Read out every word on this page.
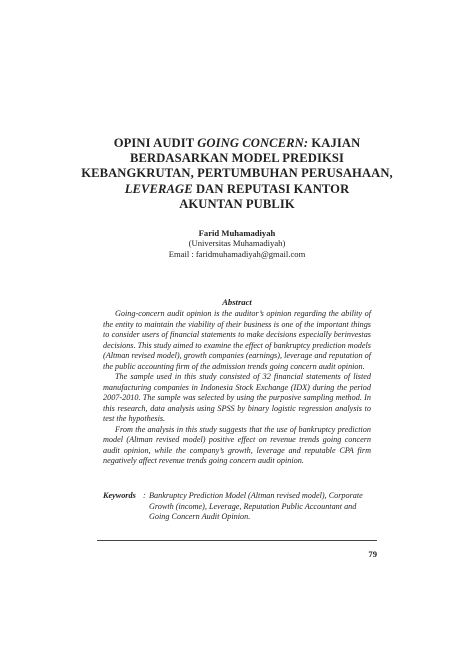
OPINI AUDIT GOING CONCERN: KAJIAN
BERDASARKAN MODEL PREDIKSI
KEBANGKRUTAN, PERTUMBUHAN PERUSAHAAN,
LEVERAGE DAN REPUTASI KANTOR
AKUNTAN PUBLIK
Farid Muhamadiyah
(Universitas Muhamadiyah)
Email : faridmuhamadiyah@gmail.com
Abstract

Going-concern audit opinion is the auditor’s opinion regarding the ability of the entity to maintain the viability of their business is one of the important things to consider users of financial statements to make decisions especially berinvestas decisions. This study aimed to examine the effect of bankruptcy prediction models (Altman revised model), growth companies (earnings), leverage and reputation of the public accounting firm of the admission trends going concern audit opinion.

The sample used in this study consisted of 32 financial statements of listed manufacturing companies in Indonesia Stock Exchange (IDX) during the period 2007-2010. The sample was selected by using the purposive sampling method. In this research, data analysis using SPSS by binary logistic regression analysis to test the hypothesis.

From the analysis in this study suggests that the use of bankruptcy prediction model (Altman revised model) positive effect on revenue trends going concern audit opinion, while the company’s growth, leverage and reputable CPA firm negatively affect revenue trends going concern audit opinion.

Keywords : Bankruptcy Prediction Model (Altman revised model), Corporate Growth (income), Leverage, Reputation Public Accountant and Going Concern Audit Opinion.
79
